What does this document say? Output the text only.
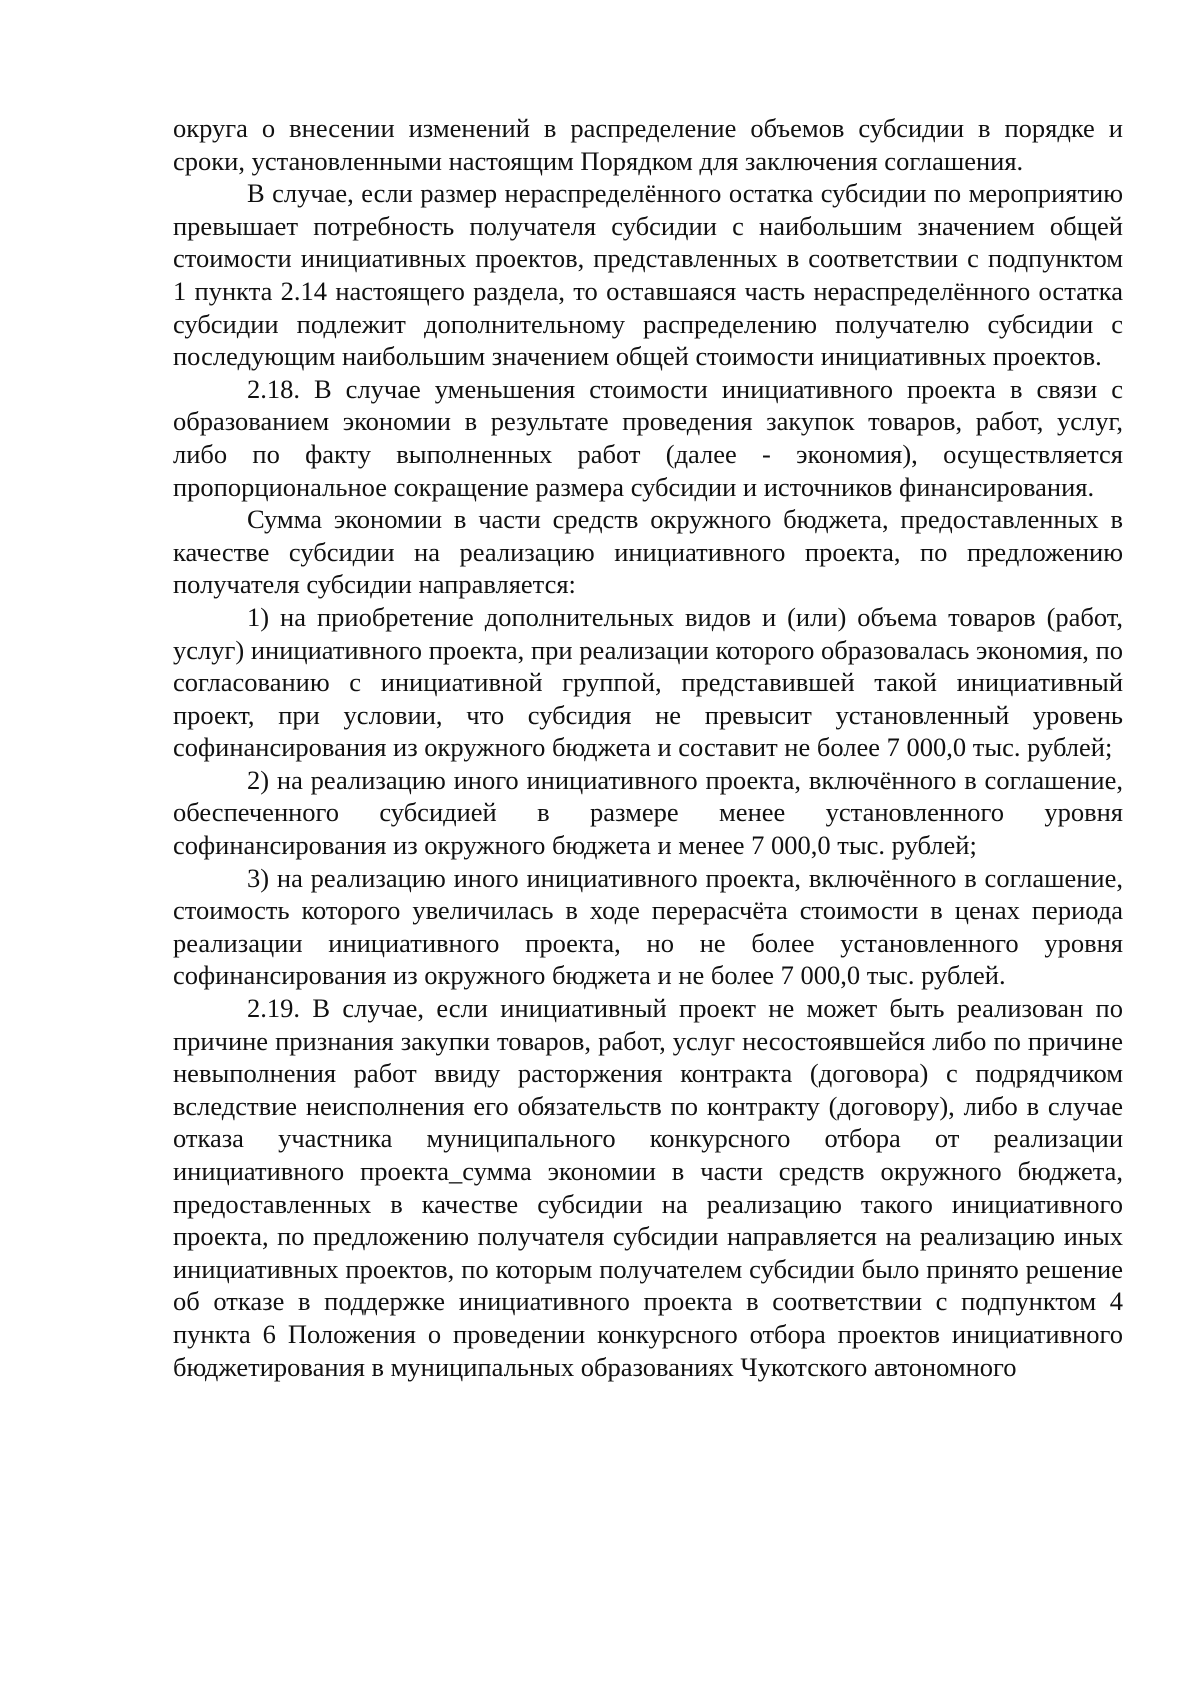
округа о внесении изменений в распределение объемов субсидии в порядке и сроки, установленными настоящим Порядком для заключения соглашения.

В случае, если размер нераспределённого остатка субсидии по мероприятию превышает потребность получателя субсидии с наибольшим значением общей стоимости инициативных проектов, представленных в соответствии с подпунктом 1 пункта 2.14 настоящего раздела, то оставшаяся часть нераспределённого остатка субсидии подлежит дополнительному распределению получателю субсидии с последующим наибольшим значением общей стоимости инициативных проектов.

2.18. В случае уменьшения стоимости инициативного проекта в связи с образованием экономии в результате проведения закупок товаров, работ, услуг, либо по факту выполненных работ (далее - экономия), осуществляется пропорциональное сокращение размера субсидии и источников финансирования.

Сумма экономии в части средств окружного бюджета, предоставленных в качестве субсидии на реализацию инициативного проекта, по предложению получателя субсидии направляется:

1) на приобретение дополнительных видов и (или) объема товаров (работ, услуг) инициативного проекта, при реализации которого образовалась экономия, по согласованию с инициативной группой, представившей такой инициативный проект, при условии, что субсидия не превысит установленный уровень софинансирования из окружного бюджета и составит не более 7 000,0 тыс. рублей;

2) на реализацию иного инициативного проекта, включённого в соглашение, обеспеченного субсидией в размере менее установленного уровня софинансирования из окружного бюджета и менее 7 000,0 тыс. рублей;

3) на реализацию иного инициативного проекта, включённого в соглашение, стоимость которого увеличилась в ходе перерасчёта стоимости в ценах периода реализации инициативного проекта, но не более установленного уровня софинансирования из окружного бюджета и не более 7 000,0 тыс. рублей.

2.19. В случае, если инициативный проект не может быть реализован по причине признания закупки товаров, работ, услуг несостоявшейся либо по причине невыполнения работ ввиду расторжения контракта (договора) с подрядчиком вследствие неисполнения его обязательств по контракту (договору), либо в случае отказа участника муниципального конкурсного отбора от реализации инициативного проекта_сумма экономии в части средств окружного бюджета, предоставленных в качестве субсидии на реализацию такого инициативного проекта, по предложению получателя субсидии направляется на реализацию иных инициативных проектов, по которым получателем субсидии было принято решение об отказе в поддержке инициативного проекта в соответствии с подпунктом 4 пункта 6 Положения о проведении конкурсного отбора проектов инициативного бюджетирования в муниципальных образованиях Чукотского автономного
